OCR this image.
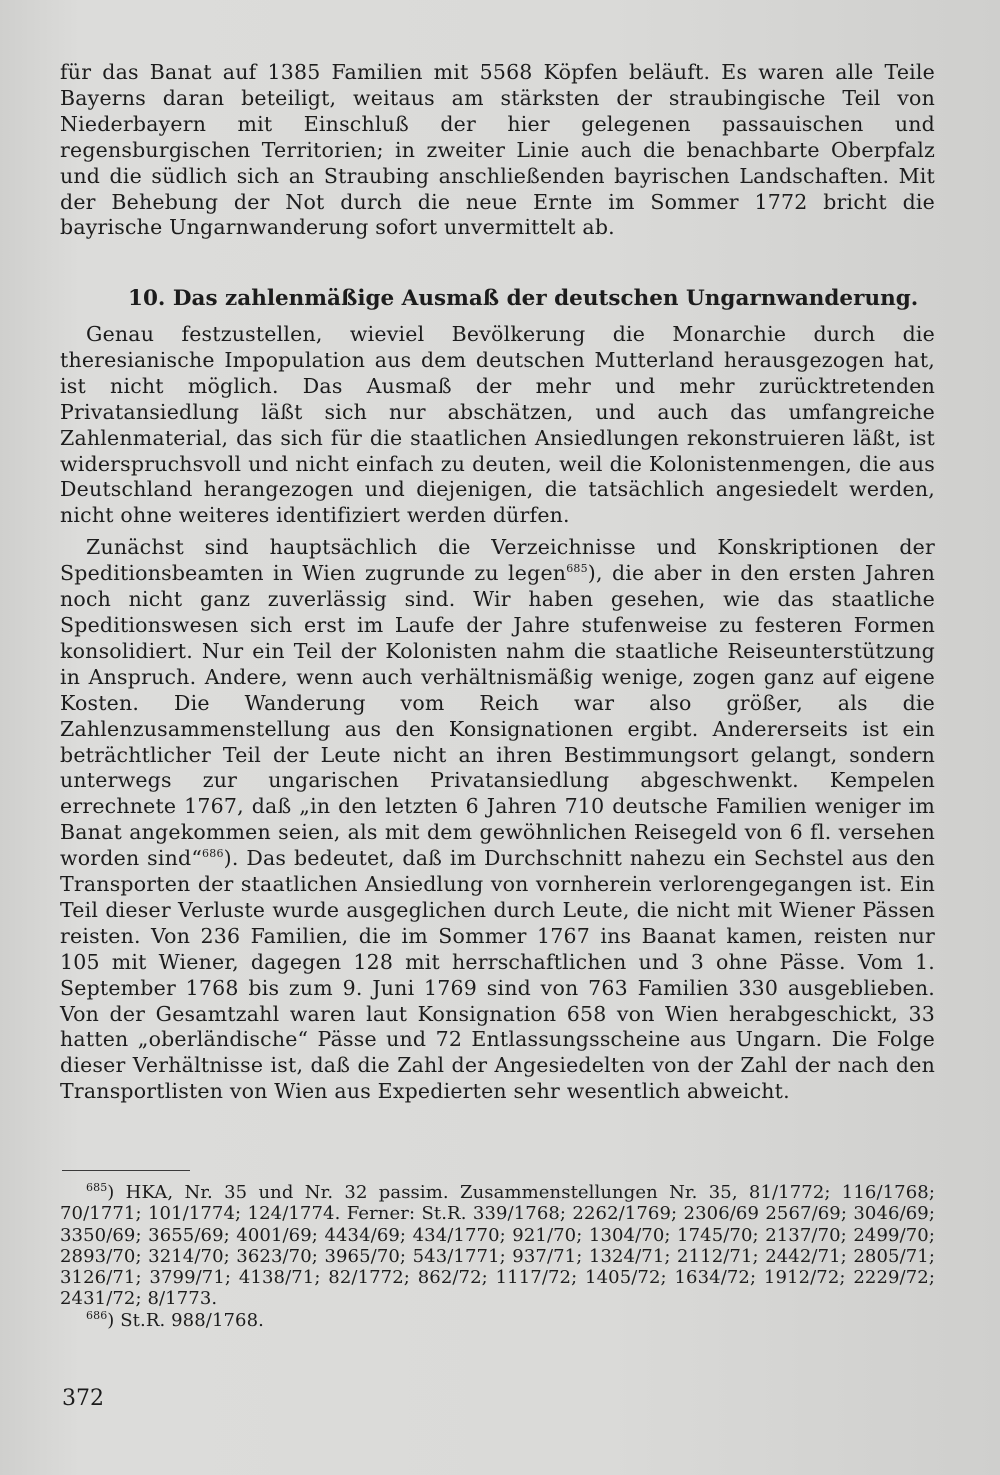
für das Banat auf 1385 Familien mit 5568 Köpfen beläuft. Es waren alle Teile Bayerns daran beteiligt, weitaus am stärksten der straubingische Teil von Niederbayern mit Einschluß der hier gelegenen passauischen und regensburgischen Territorien; in zweiter Linie auch die benachbarte Oberpfalz und die südlich sich an Straubing anschließenden bayrischen Landschaften. Mit der Behebung der Not durch die neue Ernte im Sommer 1772 bricht die bayrische Ungarnwanderung sofort unvermittelt ab.

10. Das zahlenmäßige Ausmaß der deutschen Ungarnwanderung.

Genau festzustellen, wieviel Bevölkerung die Monarchie durch die theresianische Impopulation aus dem deutschen Mutterland herausgezogen hat, ist nicht möglich. Das Ausmaß der mehr und mehr zurücktretenden Privatansiedlung läßt sich nur abschätzen, und auch das umfangreiche Zahlenmaterial, das sich für die staatlichen Ansiedlungen rekonstruieren läßt, ist widerspruchsvoll und nicht einfach zu deuten, weil die Kolonistenmengen, die aus Deutschland herangezogen und diejenigen, die tatsächlich angesiedelt werden, nicht ohne weiteres identifiziert werden dürfen.

Zunächst sind hauptsächlich die Verzeichnisse und Konskriptionen der Speditionsbeamten in Wien zugrunde zu legen$^{685}$), die aber in den ersten Jahren noch nicht ganz zuverlässig sind. Wir haben gesehen, wie das staatliche Speditionswesen sich erst im Laufe der Jahre stufenweise zu festeren Formen konsolidiert. Nur ein Teil der Kolonisten nahm die staatliche Reiseunterstützung in Anspruch. Andere, wenn auch verhältnismäßig wenige, zogen ganz auf eigene Kosten. Die Wanderung vom Reich war also größer, als die Zahlenzusammenstellung aus den Konsignationen ergibt. Andererseits ist ein beträchtlicher Teil der Leute nicht an ihren Bestimmungsort gelangt, sondern unterwegs zur ungarischen Privatansiedlung abgeschwenkt. Kempelen errechnete 1767, daß „in den letzten 6 Jahren 710 deutsche Familien weniger im Banat angekommen seien, als mit dem gewöhnlichen Reisegeld von 6 fl. versehen worden sind“$^{686}$). Das bedeutet, daß im Durchschnitt nahezu ein Sechstel aus den Transporten der staatlichen Ansiedlung von vornherein verlorengegangen ist. Ein Teil dieser Verluste wurde ausgeglichen durch Leute, die nicht mit Wiener Pässen reisten. Von 236 Familien, die im Sommer 1767 ins Baanat kamen, reisten nur 105 mit Wiener, dagegen 128 mit herrschaftlichen und 3 ohne Pässe. Vom 1. September 1768 bis zum 9. Juni 1769 sind von 763 Familien 330 ausgeblieben. Von der Gesamtzahl waren laut Konsignation 658 von Wien herabgeschickt, 33 hatten „oberländische“ Pässe und 72 Entlassungsscheine aus Ungarn. Die Folge dieser Verhältnisse ist, daß die Zahl der Angesiedelten von der Zahl der nach den Transportlisten von Wien aus Expedierten sehr wesentlich abweicht.

$^{685}$) HKA, Nr. 35 und Nr. 32 passim. Zusammenstellungen Nr. 35, 81/1772; 116/1768; 70/1771; 101/1774; 124/1774. Ferner: St.R. 339/1768; 2262/1769; 2306/69 2567/69; 3046/69; 3350/69; 3655/69; 4001/69; 4434/69; 434/1770; 921/70; 1304/70; 1745/70; 2137/70; 2499/70; 2893/70; 3214/70; 3623/70; 3965/70; 543/1771; 937/71; 1324/71; 2112/71; 2442/71; 2805/71; 3126/71; 3799/71; 4138/71; 82/1772; 862/72; 1117/72; 1405/72; 1634/72; 1912/72; 2229/72; 2431/72; 8/1773.

$^{686}$) St.R. 988/1768.

372
